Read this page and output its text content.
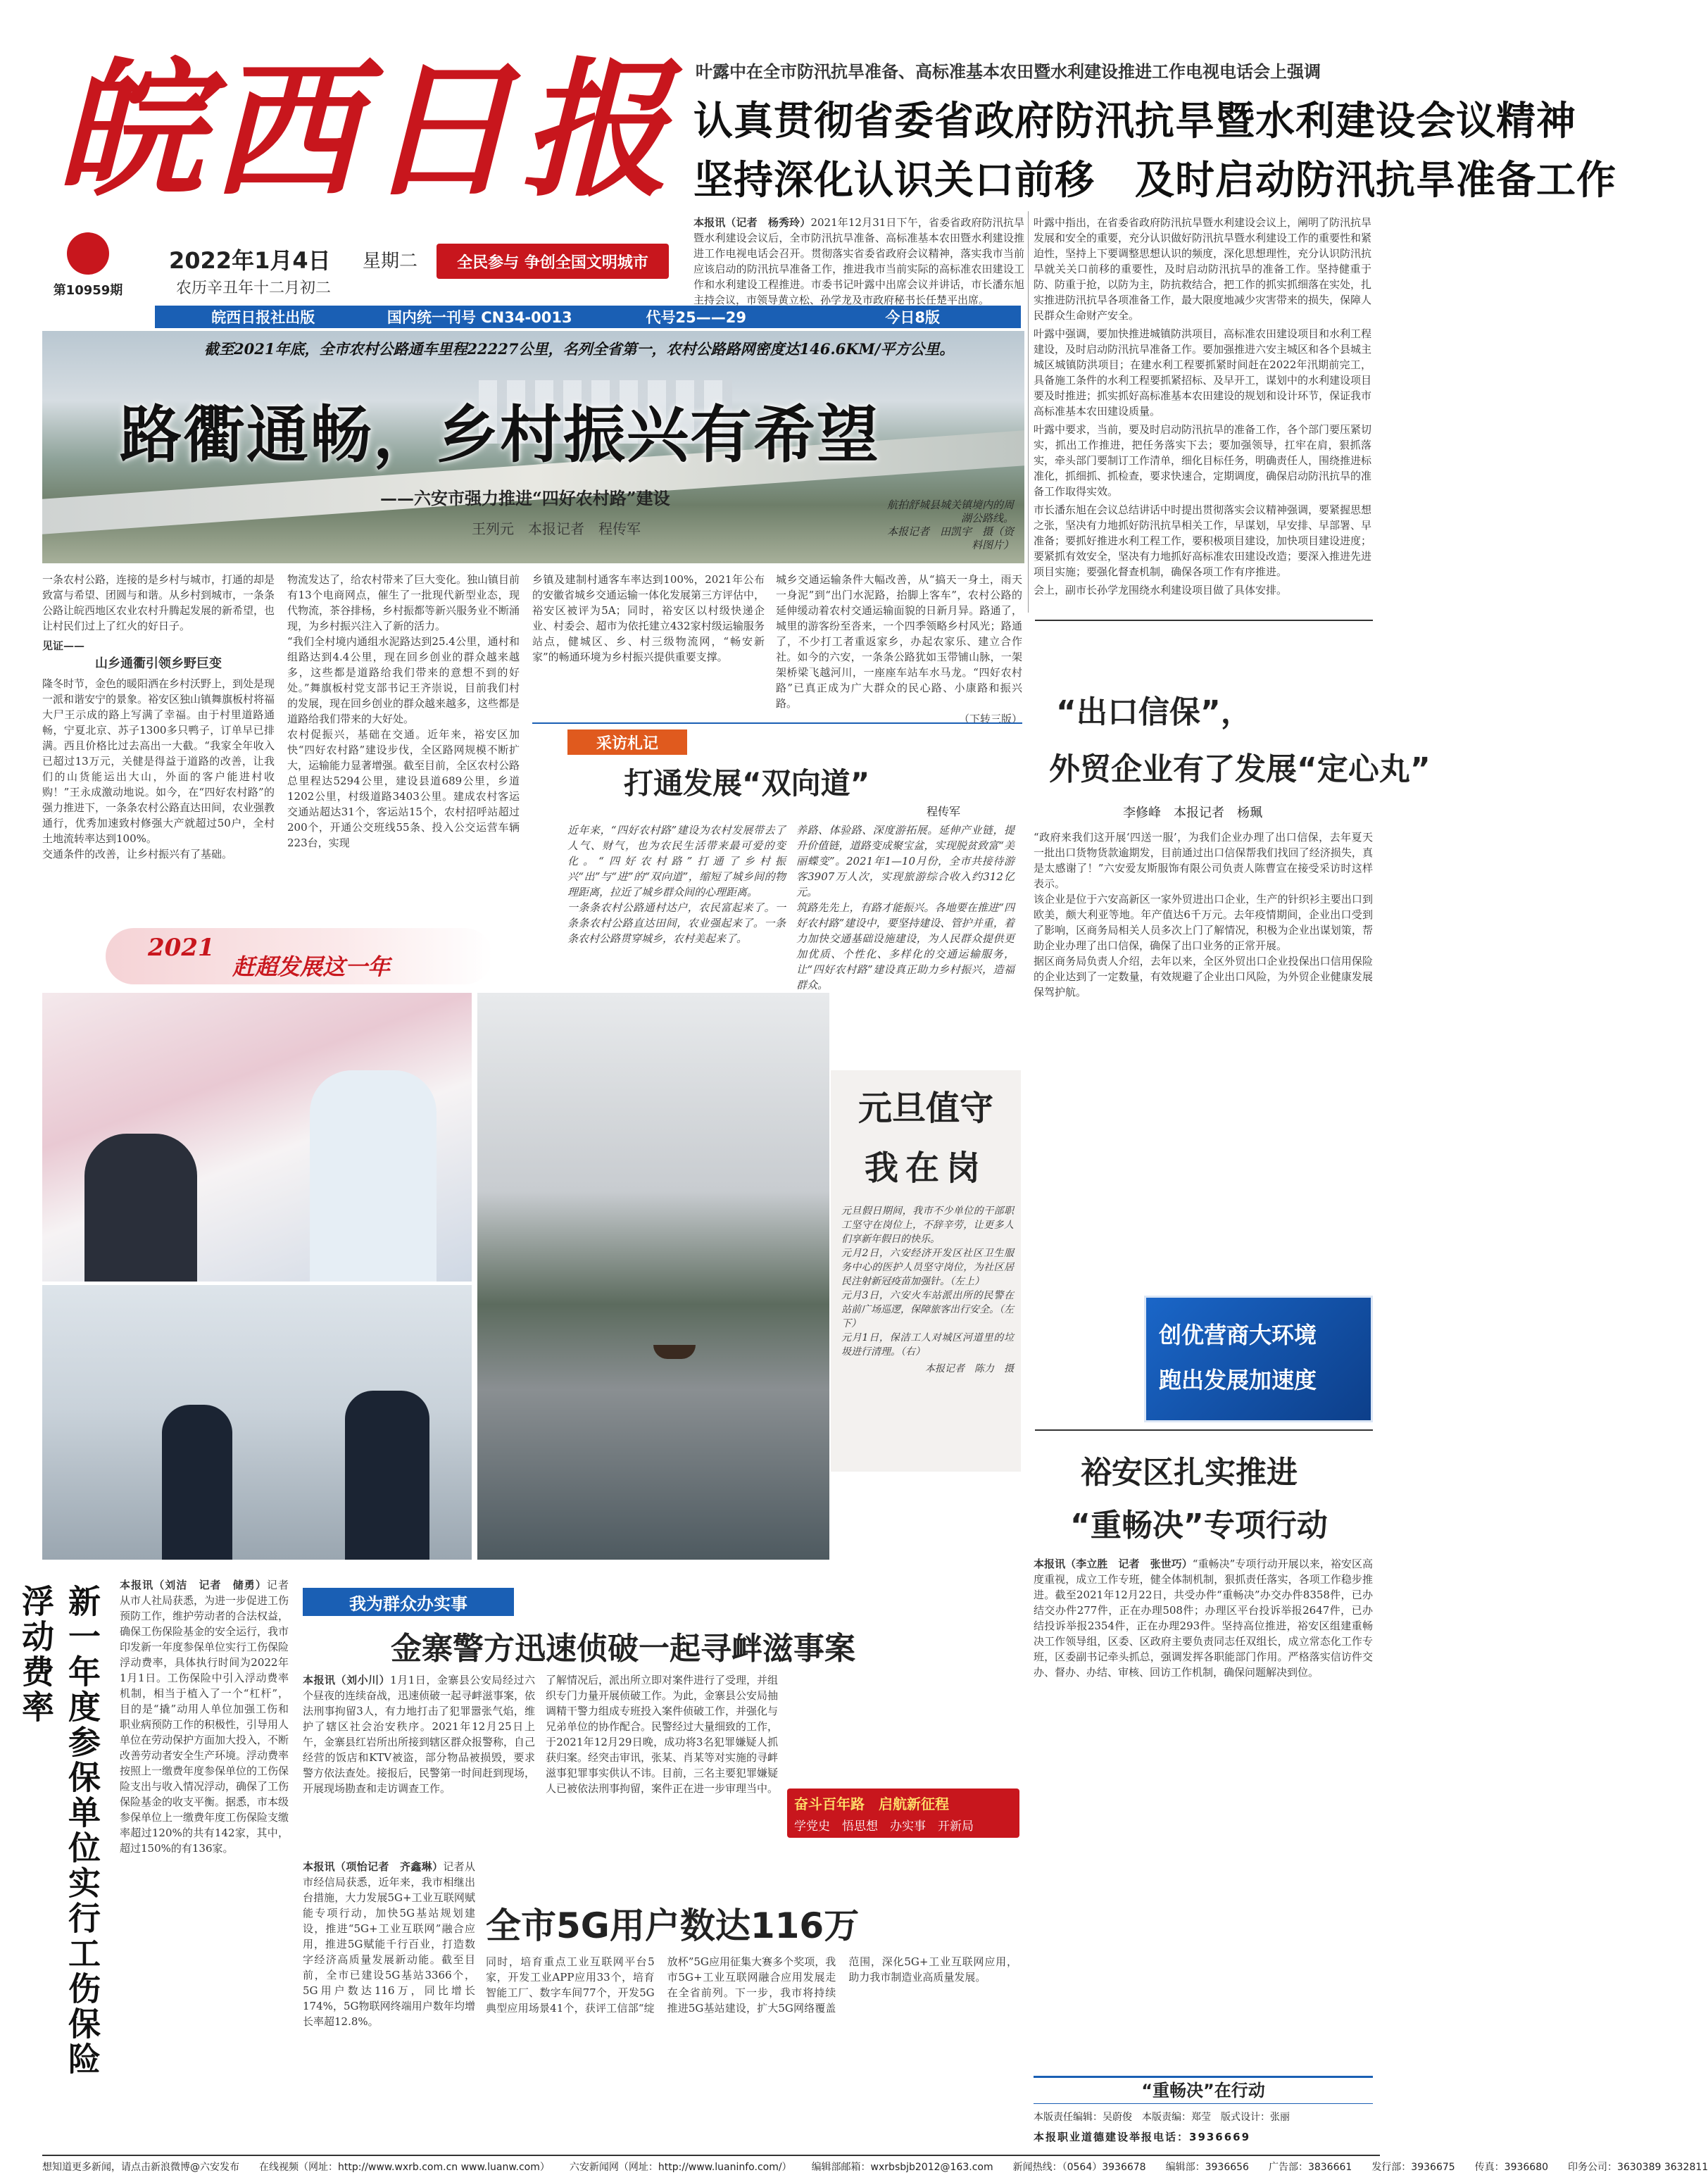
皖西日报
第10959期
2022年1月4日 星期二
农历辛丑年十二月初二
全民参与 争创全国文明城市
皖西日报社出版	国内统一刊号 CN34-0013	代号25——29	今日8版
叶露中在全市防汛抗旱准备、高标准基本农田暨水利建设推进工作电视电话会上强调
认真贯彻省委省政府防汛抗旱暨水利建设会议精神
坚持深化认识关口前移　及时启动防汛抗旱准备工作
本报讯（记者　杨秀玲）2021年12月31日下午，省委省政府防汛抗旱暨水利建设会议后，全市防汛抗旱准备、高标准基本农田暨水利建设推进工作电视电话会召开。贯彻落实省委省政府会议精神，落实我市当前应该启动的防汛抗旱准备工作，推进我市当前实际的高标准农田建设工作和水利建设工程推进。市委书记叶露中出席会议并讲话，市长潘东旭主持会议，市领导黄立松、孙学龙及市政府秘书长任楚平出席。

叶露中指出，在省委省政府防汛抗旱暨水利建设会议上，阐明了防汛抗旱发展和安全的重要，充分认识做好防汛抗旱暨水利建设工作的重要性和紧迫性，坚持上下要调整思想认识的频度，深化思想理性，充分认识防汛抗旱就关关口前移的重要性，及时启动防汛抗旱的准备工作。坚持健重于防、防重于抢，以防为主，防抗救结合，把工作的抓实抓细落在实处，扎实推进防汛抗旱各项准备工作，最大限度地减少灾害带来的损失，保障人民群众生命财产安全。

叶露中强调，要加快推进城镇防洪项目，高标准农田建设项目和水利工程建设，及时启动防汛抗旱准备工作。要加强推进六安主城区和各个县城主城区城镇防洪项目；在建水利工程要抓紧时间赶在2022年汛期前完工，具备施工条件的水利工程要抓紧招标、及早开工，谋划中的水利建设项目要及时推进；抓实抓好高标准基本农田建设的规划和设计环节，保证我市高标准基本农田建设质量。

叶露中要求，当前，要及时启动防汛抗旱的准备工作，各个部门要压紧切实，抓出工作推进，把任务落实下去；要加强领导，扛牢在肩，狠抓落实，牵头部门要制订工作清单，细化目标任务，明确责任人，围绕推进标准化，抓细抓、抓检查，要求快速合，定期调度，确保启动防汛抗旱的准备工作取得实效。

市长潘东旭在会议总结讲话中时提出贯彻落实会议精神强调，要紧握思想之张，坚决有力地抓好防汛抗旱相关工作，早谋划，早安排、早部署、早准备；要抓好推进水利工程工作，要积极项目建设，加快项目建设进度；要紧抓有效安全，坚决有力地抓好高标准农田建设改造；要深入推进先进项目实施；要强化督查机制，确保各项工作有序推进。

会上，副市长孙学龙围绕水利建设项目做了具体安排。

截至2021年底，全市农村公路通车里程22227公里，名列全省第一，农村公路路网密度达146.6KM/平方公里。
路衢通畅，乡村振兴有希望
——六安市强力推进“四好农村路”建设
王列元　本报记者　程传军
航拍舒城县城关镇境内的周湖公路线。
本报记者　田凯宇　摄（资料图片）

一条农村公路，连接的是乡村与城市，打通的却是致富与希望、团圆与和谐。从乡村到城市，一条条公路让皖西地区农业农村升腾起发展的新希望，也让村民们过上了红火的好日子。

见证——

山乡通衢引领乡野巨变

隆冬时节，金色的暖阳洒在乡村沃野上，到处是现一派和谐安宁的景象。裕安区独山镇舞旗板村将福大尸王示成的路上写满了幸福。由于村里道路通畅，宁夏北京、苏子1300多只鸭子，订单早已排满。西且价格比过去高出一大截。“我家全年收入已超过13万元，关健是得益于道路的改善，让我们的山货能运出大山，外面的客户能进村收购！”王永成激动地说。如今，在“四好农村路”的强力推进下，一条条农村公路直达田间，农业强教通行，优秀加速致村修强大产就超过50户，全村土地流转率达到100%。

交通条件的改善，让乡村振兴有了基础。

物流发达了，给农村带来了巨大变化。独山镇目前有13个电商网点，催生了一批现代新型业态，现代物流，茶谷排杨，乡村振都等新兴服务业不断涌现，为乡村振兴注入了新的活力。

“我们全村境内通组水泥路达到25.4公里，通村和组路达到4.4公里，现在回乡创业的群众越来越多，这些都是道路给我们带来的意想不到的好处。”舞旗板村党支部书记王齐崇说，目前我们村的发展，现在回乡创业的群众越来越多，这些都是道路给我们带来的大好处。

农村促振兴，基础在交通。近年来，裕安区加快“四好农村路”建设步伐，全区路网规模不断扩大，运输能力显著增强。截至目前，全区农村公路总里程达5294公里，建设县道689公里，乡道1202公里，村级道路3403公里。建成农村客运交通站超达31个，客运站15个，农村招呼站超过200个，开通公交班线55条、投入公交运营车辆223台，实现

乡镇及建制村通客车率达到100%，2021年公布的安徽省城乡交通运输一体化发展第三方评估中，裕安区被评为5A；同时，裕安区以村级快递企业、村委会、超市为依托建立432家村级运输服务站点，健城区、乡、村三级物流网，“畅安新家”的畅通环境为乡村振兴提供重要支撑。

城乡交通运输条件大幅改善，从“搞天一身土，雨天一身泥”到“出门水泥路，抬脚上客车”，农村公路的延伸缓动着农村交通运输面貌的日新月异。路通了，城里的游客纷至沓来，一个四季领略乡村风光；路通了，不少打工者重返家乡，办起农家乐、建立合作社。如今的六安，一条条公路犹如玉带铺山脉，一架架桥梁飞越河川，一座座车站车水马龙。“四好农村路”已真正成为广大群众的民心路、小康路和振兴路。

（下转三版）

2021
赶超发展这一年
采访札记
打通发展“双向道”
程传军

近年来，“四好农村路”建设为农村发展带去了人气、财气，也为农民生活带来最可爱的变化。“四好农村路”打通了乡村振兴“出”与“进”的“双向道”，缩短了城乡间的物理距离，拉近了城乡群众间的心理距离。

一条条农村公路通村达户，农民富起来了。一条条农村公路直达田间，农业强起来了。一条条农村公路贯穿城乡，农村美起来了。

养路、体验路、深度游拓展。延伸产业链，提升价值链，道路变成聚宝盆，实现脱贫致富“美丽蝶变”。2021年1—10月份，全市共接待游客3907万人次，实现旅游综合收入约312亿元。

筑路先先上，有路才能振兴。各地要在推进“四好农村路”建设中，要坚持建设、管护并重，着力加快交通基础设施建设，为人民群众提供更加优质、个性化、多样化的交通运输服务，让“四好农村路”建设真正助力乡村振兴，造福群众。

“出口信保”，
外贸企业有了发展“定心丸”
李修峰　本报记者　杨珮

“政府来我们这开展‘四送一服’，为我们企业办理了出口信保，去年夏天一批出口货物货款逾期发，目前通过出口信保帮我们找回了经济损失，真是太感谢了！”六安爱友斯服饰有限公司负责人陈曹宣在接受采访时这样表示。

该企业是位于六安高新区一家外贸进出口企业，生产的针织衫主要出口到欧美，颇大利亚等地。年产值达6千万元。去年疫情期间，企业出口受到了影响，区商务局相关人员多次上门了解情况，积极为企业出谋划策，帮助企业办理了出口信保，确保了出口业务的正常开展。

据区商务局负责人介绍，去年以来，全区外贸出口企业投保出口信用保险的企业达到了一定数量，有效规避了企业出口风险，为外贸企业健康发展保驾护航。

创优营商大环境
跑出发展加速度
元旦值守
我在岗

元旦假日期间，我市不少单位的干部职工坚守在岗位上，不辞辛劳，让更多人们享新年假日的快乐。

元月2日，六安经济开发区社区卫生服务中心的医护人员坚守岗位，为社区居民注射新冠疫苗加强针。（左上）

元月3日，六安火车站派出所的民警在站前广场巡逻，保障旅客出行安全。（左下）

元月1日，保洁工人对城区河道里的垃圾进行清理。（右）

本报记者　陈力　摄

新一年度参保单位实行工伤保险浮动费率	本报讯（刘洁　记者　储勇）记者从市人社局获悉，为进一步促进工伤预防工作，维护劳动者的合法权益，确保工伤保险基金的安全运行，我市印发新一年度参保单位实行工伤保险浮动费率，具体执行时间为2022年1月1日。工伤保险中引入浮动费率机制，相当于植入了一个“杠杆”，目的是“撬”动用人单位加强工伤和职业病预防工作的积极性，引导用人单位在劳动保护方面加大投入，不断改善劳动者安全生产环境。浮动费率按照上一缴费年度参保单位的工伤保险支出与收入情况浮动，确保了工伤保险基金的收支平衡。据悉，市本级参保单位上一缴费年度工伤保险支缴率超过120%的共有142家，其中，超过150%的有136家。
我为群众办实事
金寨警方迅速侦破一起寻衅滋事案
本报讯（刘小川）1月1日，金寨县公安局经过六个昼夜的连续奋战，迅速侦破一起寻衅滋事案，依法刑事拘留3人，有力地打击了犯罪嚣张气焰，维护了辖区社会治安秩序。2021年12月25日上午，金寨县红岩所出所接到辖区群众报警称，自己经营的饭店和KTV被盗，部分物品被损毁，要求警方依法查处。接报后，民警第一时间赶到现场，开展现场勘查和走访调查工作。

了解情况后，派出所立即对案件进行了受理，并组织专门力量开展侦破工作。为此，金寨县公安局抽调精干警力组成专班投入案件侦破工作，并强化与兄弟单位的协作配合。民警经过大量细致的工作，于2021年12月29日晚，成功将3名犯罪嫌疑人抓获归案。经突击审讯，张某、肖某等对实施的寻衅滋事犯罪事实供认不讳。目前，三名主要犯罪嫌疑人已被依法刑事拘留，案件正在进一步审理当中。

奋斗百年路　启航新征程
学党史　悟思想　办实事　开新局
全市5G用户数达116万
本报讯（项怡记者　齐鑫琳）记者从市经信局获悉，近年来，我市相继出台措施，大力发展5G+工业互联网赋能专项行动，加快5G基站规划建设，推进“5G+工业互联网”融合应用，推进5G赋能千行百业，打造数字经济高质量发展新动能。截至目前，全市已建设5G基站3366个，5G用户数达116万，同比增长174%，5G物联网终端用户数年均增长率超12.8%。

同时，培育重点工业互联网平台5家，开发工业APP应用33个，培育智能工厂、数字车间77个，开发5G典型应用场景41个，获评工信部“绽放杯”5G应用征集大赛多个奖项，我市5G+工业互联网融合应用发展走在全省前列。下一步，我市将持续推进5G基站建设，扩大5G网络覆盖范围，深化5G+工业互联网应用，助力我市制造业高质量发展。

裕安区扎实推进
“重畅决”专项行动
本报讯（李立胜　记者　张世巧）“重畅决”专项行动开展以来，裕安区高度重视，成立工作专班，健全体制机制，狠抓责任落实，各项工作稳步推进。截至2021年12月22日，共受办件“重畅决”办交办件8358件，已办结交办件277件，正在办理508件；办理区平台投诉举报2647件，已办结投诉举报2354件，正在办理293件。坚持高位推进，裕安区组建重畅决工作领导组，区委、区政府主要负责同志任双组长，成立常态化工作专班，区委副书记牵头抓总，强调发挥各职能部门作用。严格落实信访件交办、督办、办结、审核、回访工作机制，确保问题解决到位。
“重畅决”在行动
本版责任编辑：吴蔚俊　本版责编：郑莹　版式设计：张丽
本报职业道德建设举报电话：3936669
想知道更多新闻，请点击新浪微博@六安发布 在线视频（网址：http://www.wxrb.com.cn www.luanw.com） 六安新闻网（网址：http://www.luaninfo.com/） 编辑部邮箱：wxrbsbjb2012@163.com 新闻热线：（0564）3936678 编辑部：3936656 广告部：3836661 发行部：3936675 传真：3936680 印务公司：3630389 3632811
